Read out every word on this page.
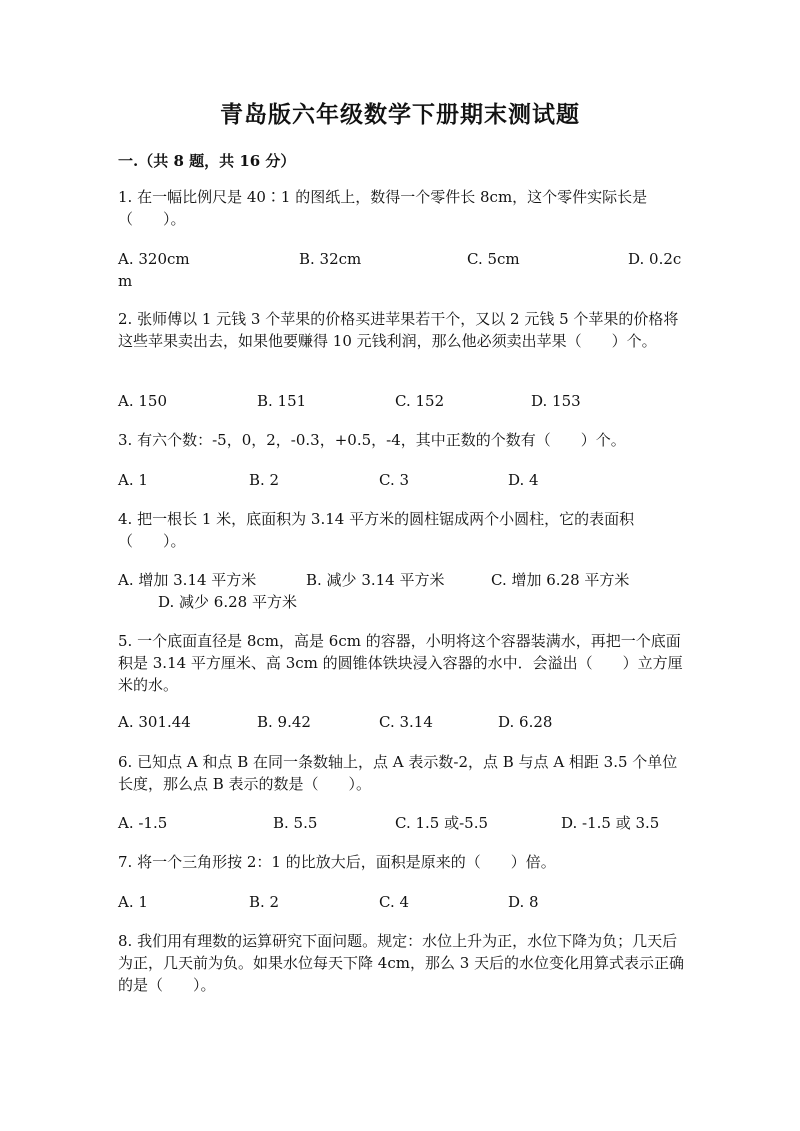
青岛版六年级数学下册期末测试题
一.（共 8 题，共 16 分）
1. 在一幅比例尺是 40∶1 的图纸上，数得一个零件长 8cm，这个零件实际长是（　　）。
A. 320cm	B. 32cm	C. 5cm	D. 0.2c
m
2. 张师傅以 1 元钱 3 个苹果的价格买进苹果若干个，又以 2 元钱 5 个苹果的价格将这些苹果卖出去，如果他要赚得 10 元钱利润，那么他必须卖出苹果（　　）个。
A. 150	B. 151	C. 152	D. 153
3. 有六个数：-5，0，2，-0.3，+0.5，-4，其中正数的个数有（　　）个。
A. 1	B. 2	C. 3	D. 4
4. 把一根长 1 米，底面积为 3.14 平方米的圆柱锯成两个小圆柱，它的表面积（　　）。
A. 增加 3.14 平方米	B. 减少 3.14 平方米	C. 增加 6.28 平方米
D. 减少 6.28 平方米
5. 一个底面直径是 8cm，高是 6cm 的容器，小明将这个容器装满水，再把一个底面积是 3.14 平方厘米、高 3cm 的圆锥体铁块浸入容器的水中．会溢出（　　）立方厘米的水。
A. 301.44	B. 9.42	C. 3.14	D. 6.28
6. 已知点 A 和点 B 在同一条数轴上，点 A 表示数-2，点 B 与点 A 相距 3.5 个单位长度，那么点 B 表示的数是（　　）。
A. -1.5	B. 5.5	C. 1.5 或-5.5	D. -1.5 或 3.5
7. 将一个三角形按 2：1 的比放大后，面积是原来的（　　）倍。
A. 1	B. 2	C. 4	D. 8
8. 我们用有理数的运算研究下面问题。规定：水位上升为正，水位下降为负；几天后为正，几天前为负。如果水位每天下降 4cm，那么 3 天后的水位变化用算式表示正确的是（　　）。
